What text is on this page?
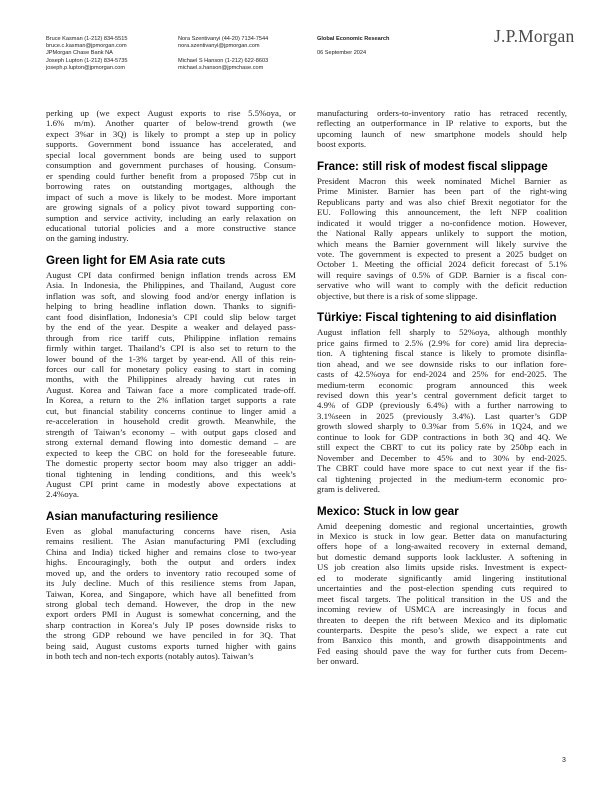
Bruce Kasman (1-212) 834-5515
bruce.c.kasman@jpmorgan.com
JPMorgan Chase Bank NA
Joseph Lupton (1-212) 834-5735
joseph.p.lupton@jpmorgan.com
Nora Szentivanyi (44-20) 7134-7544
nora.szentivanyi@jpmorgan.com
Michael S Hanson (1-212) 622-8603
michael.s.hanson@jpmchase.com
Global Economic Research
06 September 2024
J.P.Morgan

perking up (we expect August exports to rise 5.5%oya, or
1.6% m/m). Another quarter of below-trend growth (we
expect 3%ar in 3Q) is likely to prompt a step up in policy
supports. Government bond issuance has accelerated, and
special local government bonds are being used to support
consumption and government purchases of housing. Consum-
er spending could further benefit from a proposed 75bp cut in
borrowing rates on outstanding mortgages, although the
impact of such a move is likely to be modest. More important
are growing signals of a policy pivot toward supporting con-
sumption and service activity, including an early relaxation on
educational tutorial policies and a more constructive stance
on the gaming industry.

Green light for EM Asia rate cuts

August CPI data confirmed benign inflation trends across EM
Asia. In Indonesia, the Philippines, and Thailand, August core
inflation was soft, and slowing food and/or energy inflation is
helping to bring headline inflation down. Thanks to signifi-
cant food disinflation, Indonesia’s CPI could slip below target
by the end of the year. Despite a weaker and delayed pass-
through from rice tariff cuts, Philippine inflation remains
firmly within target. Thailand’s CPI is also set to return to the
lower bound of the 1-3% target by year-end. All of this rein-
forces our call for monetary policy easing to start in coming
months, with the Philippines already having cut rates in
August. Korea and Taiwan face a more complicated trade-off.
In Korea, a return to the 2% inflation target supports a rate
cut, but financial stability concerns continue to linger amid a
re-acceleration in household credit growth. Meanwhile, the
strength of Taiwan’s economy – with output gaps closed and
strong external demand flowing into domestic demand – are
expected to keep the CBC on hold for the foreseeable future.
The domestic property sector boom may also trigger an addi-
tional tightening in lending conditions, and this week’s
August CPI print came in modestly above expectations at
2.4%oya.

Asian manufacturing resilience

Even as global manufacturing concerns have risen, Asia
remains resilient. The Asian manufacturing PMI (excluding
China and India) ticked higher and remains close to two-year
highs. Encouragingly, both the output and orders index
moved up, and the orders to inventory ratio recouped some of
its July decline. Much of this resilience stems from Japan,
Taiwan, Korea, and Singapore, which have all benefitted from
strong global tech demand. However, the drop in the new
export orders PMI in August is somewhat concerning, and the
sharp contraction in Korea’s July IP poses downside risks to
the strong GDP rebound we have penciled in for 3Q. That
being said, August customs exports turned higher with gains
in both tech and non-tech exports (notably autos). Taiwan’s

manufacturing orders-to-inventory ratio has retraced recently,
reflecting an outperformance in IP relative to exports, but the
upcoming launch of new smartphone models should help
boost exports.

France: still risk of modest fiscal slippage

President Macron this week nominated Michel Barnier as
Prime Minister. Barnier has been part of the right-wing
Republicans party and was also chief Brexit negotiator for the
EU. Following this announcement, the left NFP coalition
indicated it would trigger a no-confidence motion. However,
the National Rally appears unlikely to support the motion,
which means the Barnier government will likely survive the
vote. The government is expected to present a 2025 budget on
October 1. Meeting the official 2024 deficit forecast of 5.1%
will require savings of 0.5% of GDP. Barnier is a fiscal con-
servative who will want to comply with the deficit reduction
objective, but there is a risk of some slippage.

Türkiye: Fiscal tightening to aid disinflation

August inflation fell sharply to 52%oya, although monthly
price gains firmed to 2.5% (2.9% for core) amid lira deprecia-
tion. A tightening fiscal stance is likely to promote disinfla-
tion ahead, and we see downside risks to our inflation fore-
casts of 42.5%oya for end-2024 and 25% for end-2025. The
medium-term economic program announced this week
revised down this year’s central government deficit target to
4.9% of GDP (previously 6.4%) with a further narrowing to
3.1%seen in 2025 (previously 3.4%). Last quarter’s GDP
growth slowed sharply to 0.3%ar from 5.6% in 1Q24, and we
continue to look for GDP contractions in both 3Q and 4Q. We
still expect the CBRT to cut its policy rate by 250bp each in
November and December to 45% and to 30% by end-2025.
The CBRT could have more space to cut next year if the fis-
cal tightening projected in the medium-term economic pro-
gram is delivered.

Mexico: Stuck in low gear

Amid deepening domestic and regional uncertainties, growth
in Mexico is stuck in low gear. Better data on manufacturing
offers hope of a long-awaited recovery in external demand,
but domestic demand supports look lackluster. A softening in
US job creation also limits upside risks. Investment is expect-
ed to moderate significantly amid lingering institutional
uncertainties and the post-election spending cuts required to
meet fiscal targets. The political transition in the US and the
incoming review of USMCA are increasingly in focus and
threaten to deepen the rift between Mexico and its diplomatic
counterparts. Despite the peso’s slide, we expect a rate cut
from Banxico this month, and growth disappointments and
Fed easing should pave the way for further cuts from Decem-
ber onward.

3
